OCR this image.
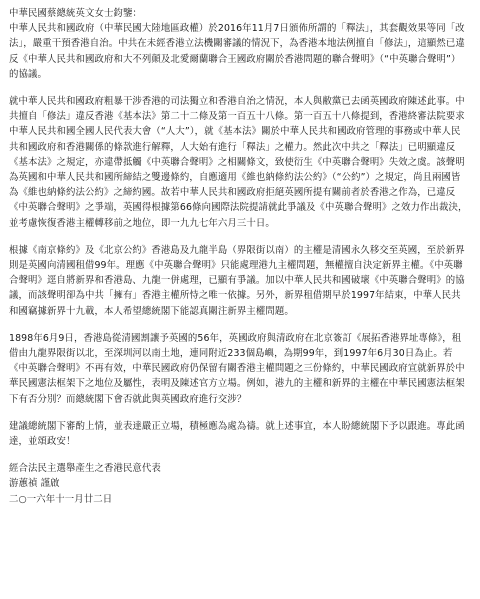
中華民國蔡總統英文女士鈞鑒：

中華人民共和國政府（中華民國大陸地區政權）於2016年11月7日頒佈所謂的「釋法」，其套觀效果等同「改法」，嚴重干預香港自治。中共在未經香港立法機關審議的情況下，為香港本地法例擅自「修法」，這顯然已違反《中華人民共和國政府和大不列顛及北愛爾蘭聯合王國政府關於香港問題的聯合聲明》（“中英聯合聲明”）的協議。

就中華人民共和國政府粗暴干涉香港的司法獨立和香港自治之情況，本人與敝黨已去函英國政府陳述此事。中共擅自「修法」違反香港《基本法》第二十二條及第一百五十八條。第一百五十八條提到，香港終審法院要求中華人民共和國全國人民代表大會（“人大”），就《基本法》關於中華人民共和國政府管理的事務或中華人民共和國政府和香港關係的條款進行解釋，人大始有進行「釋法」之權力。然此次中共之「釋法」已明顯違反《基本法》之規定，亦違帶抵觸《中英聯合聲明》之相關條文，致使衍生《中英聯合聲明》失效之虞。該聲明為英國和中華人民共和國所締結之雙邊條約，自應適用《維也納條約法公約》（“公約”）之規定，尚且兩國皆為《維也納條約法公約》之締約國。故若中華人民共和國政府拒絕英國所提有關前者於香港之作為，已違反《中英聯合聲明》之爭端，英國得根據第66條向國際法院提請就此爭議及《中英聯合聲明》之效力作出裁決，並考慮恢復香港主權轉移前之地位，即一九九七年六月三十日。

根據《南京條約》及《北京公約》香港島及九龍半島（界限街以南）的主權是清國永久移交至英國，至於新界則是英國向清國租借99年。理應《中英聯合聲明》只能處理港九主權問題，無權擅自決定新界主權。《中英聯合聲明》逕自將新界和香港島、九龍一併處理，已顯有爭議。加以中華人民共和國破壞《中英聯合聲明》的協議，而該聲明卻為中共「擁有」香港主權所恃之唯一依據。另外，新界租借期早於1997年結束，中華人民共和國竊據新界十九載，本人希望總統閣下能認真關注新界主權問題。

1898年6月9日，香港島從清國割讓予英國的56年，英國政府與清政府在北京簽訂《展拓香港界址專條》，租借由九龍界限街以北，至深圳河以南土地，連同附近233個島嶼，為期99年，到1997年6月30日為止。若《中英聯合聲明》不再有效，中華民國政府仍保留有關香港主權問題之三份條約，中華民國政府宣就新界於中華民國憲法框架下之地位及屬性，表明及陳述官方立場。例如，港九的主權和新界的主權在中華民國憲法框架下有否分別？而總統閣下會否就此與英國政府進行交涉？

建議總統閣下審酌上情，並表達嚴正立場，積極應為處為禱。就上述事宜，本人盼總統閣下予以跟進。專此函達，並頌政安！

經合法民主選舉產生之香港民意代表
游蕙禎 謹啟
二○一六年十一月廿二日
